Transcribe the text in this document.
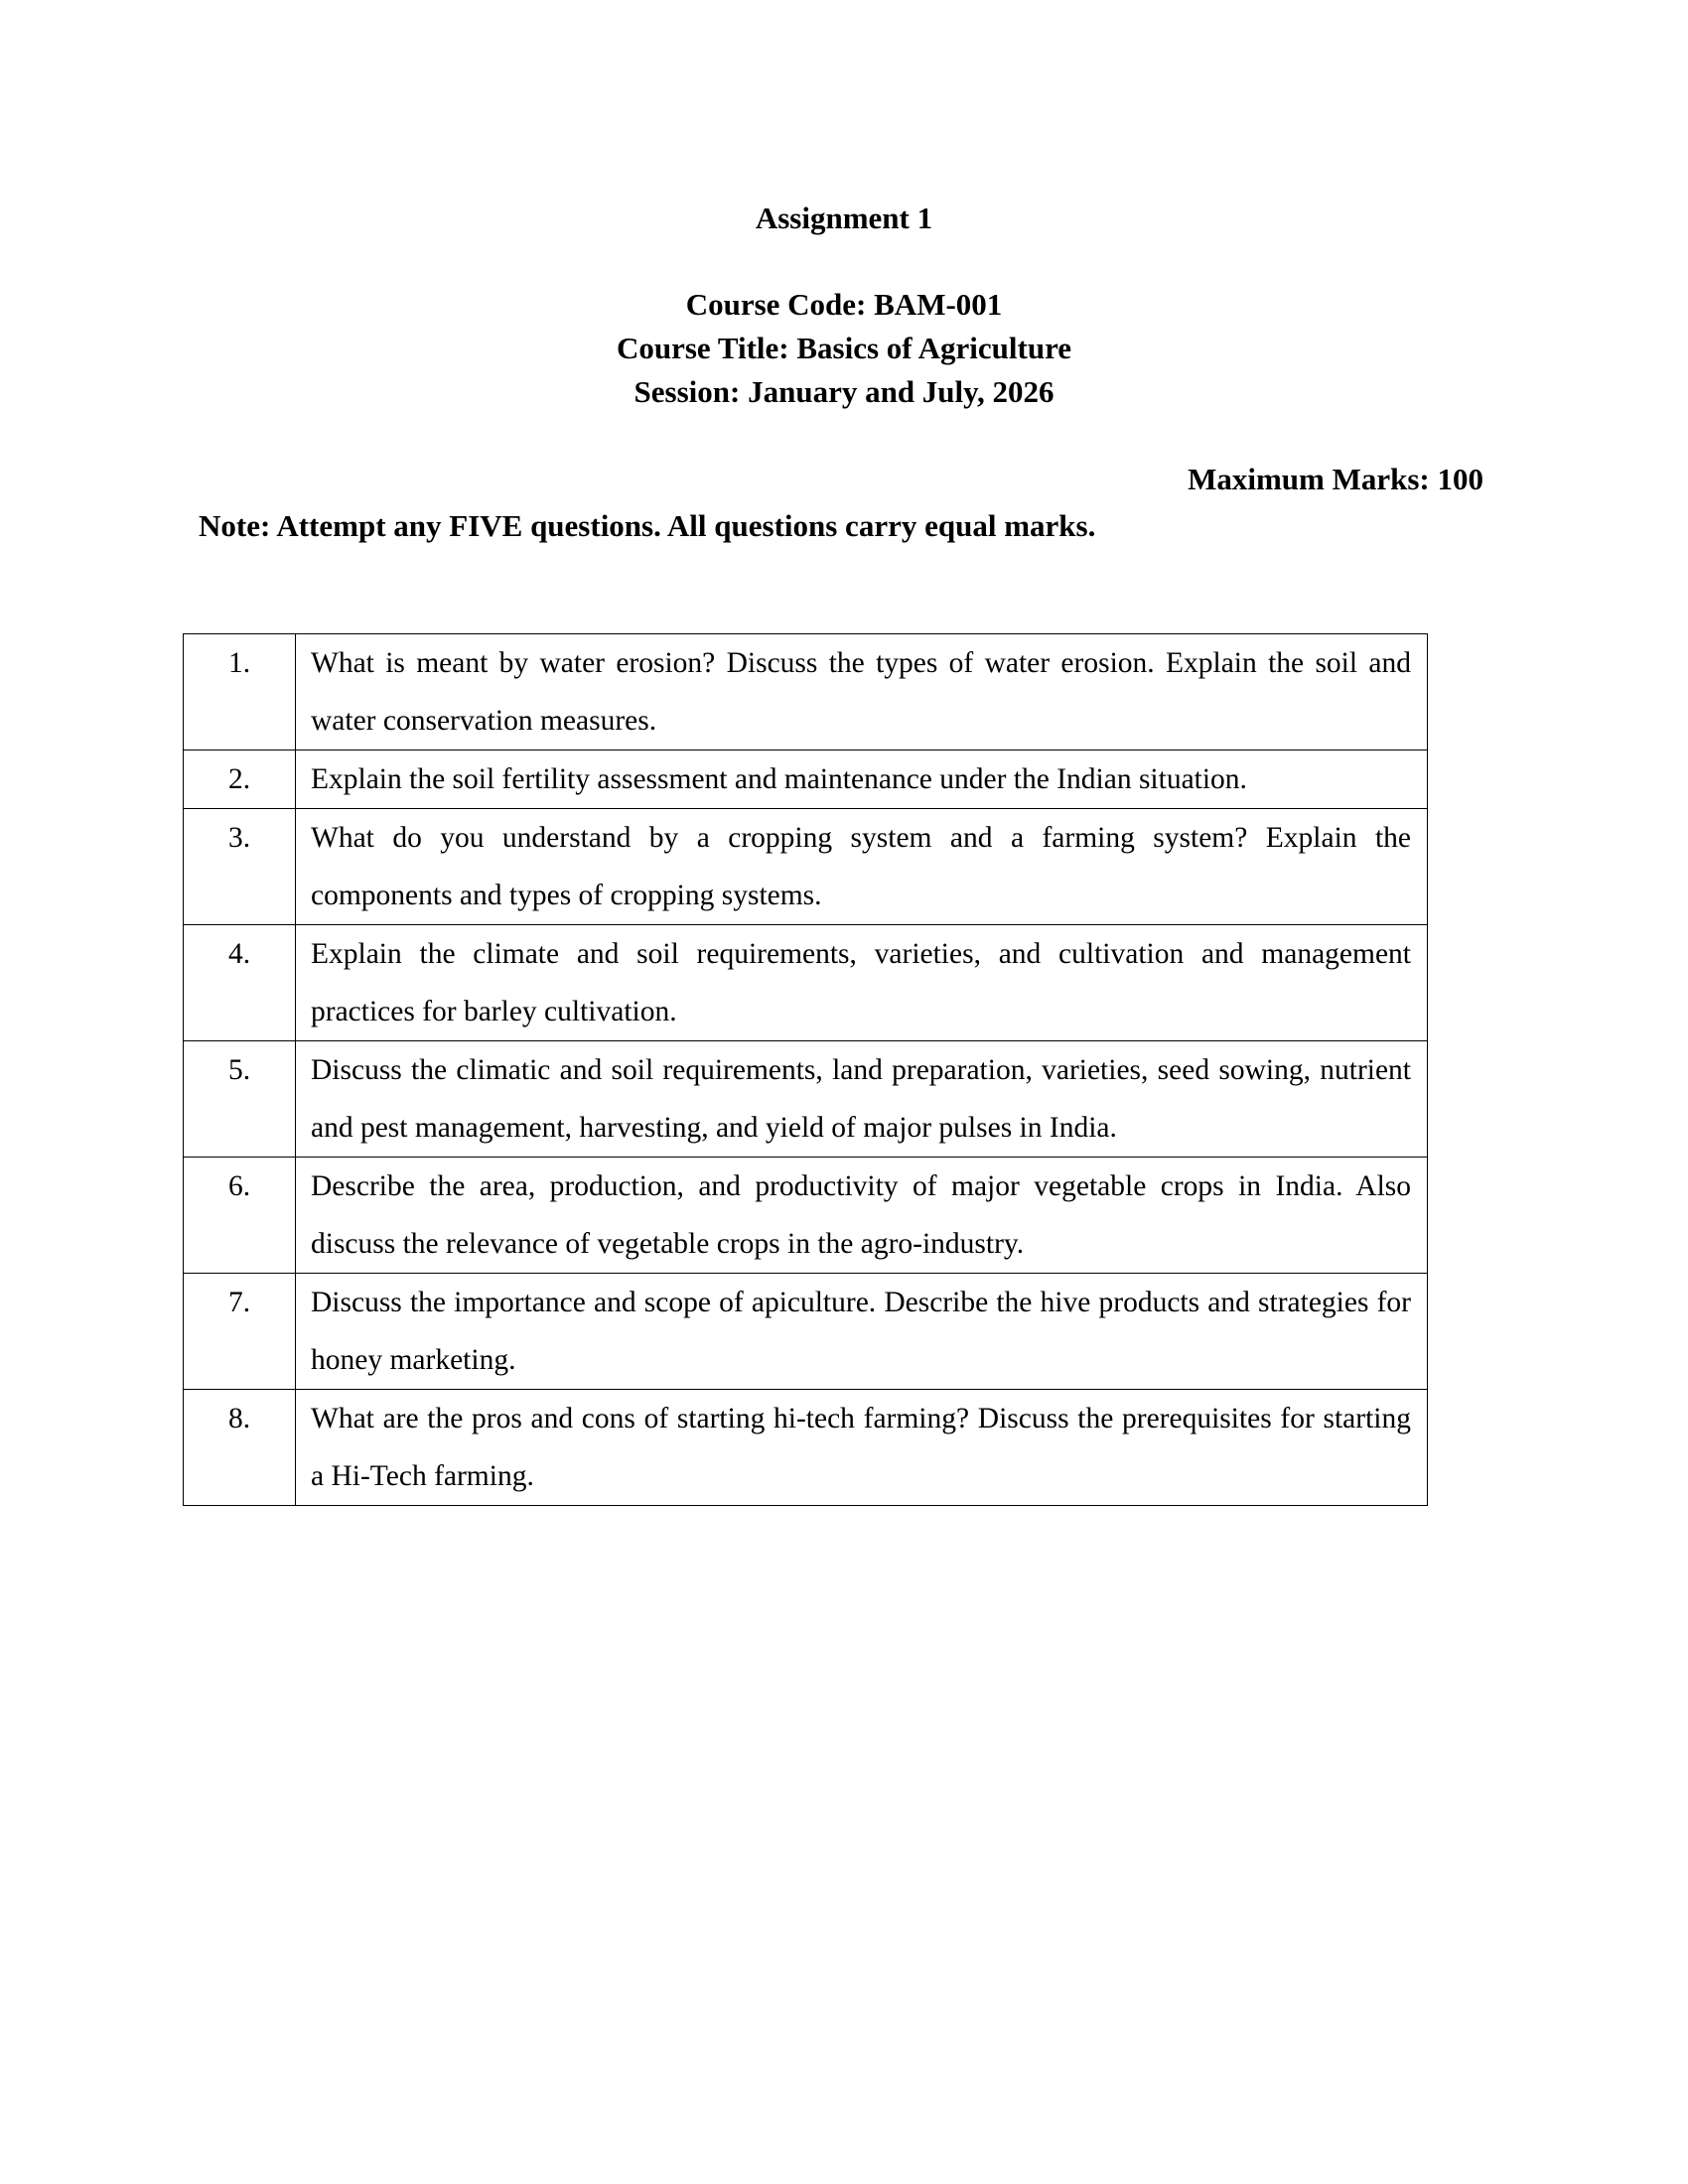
Assignment 1
Course Code: BAM-001
Course Title: Basics of Agriculture
Session: January and July, 2026
Maximum Marks: 100
Note: Attempt any FIVE questions. All questions carry equal marks.
1.	What is meant by water erosion? Discuss the types of water erosion. Explain the soil and water conservation measures.
2.	Explain the soil fertility assessment and maintenance under the Indian situation.
3.	What do you understand by a cropping system and a farming system? Explain the components and types of cropping systems.
4.	Explain the climate and soil requirements, varieties, and cultivation and management practices for barley cultivation.
5.	Discuss the climatic and soil requirements, land preparation, varieties, seed sowing, nutrient and pest management, harvesting, and yield of major pulses in India.
6.	Describe the area, production, and productivity of major vegetable crops in India. Also discuss the relevance of vegetable crops in the agro-industry.
7.	Discuss the importance and scope of apiculture. Describe the hive products and strategies for honey marketing.
8.	What are the pros and cons of starting hi-tech farming? Discuss the prerequisites for starting a Hi-Tech farming.
